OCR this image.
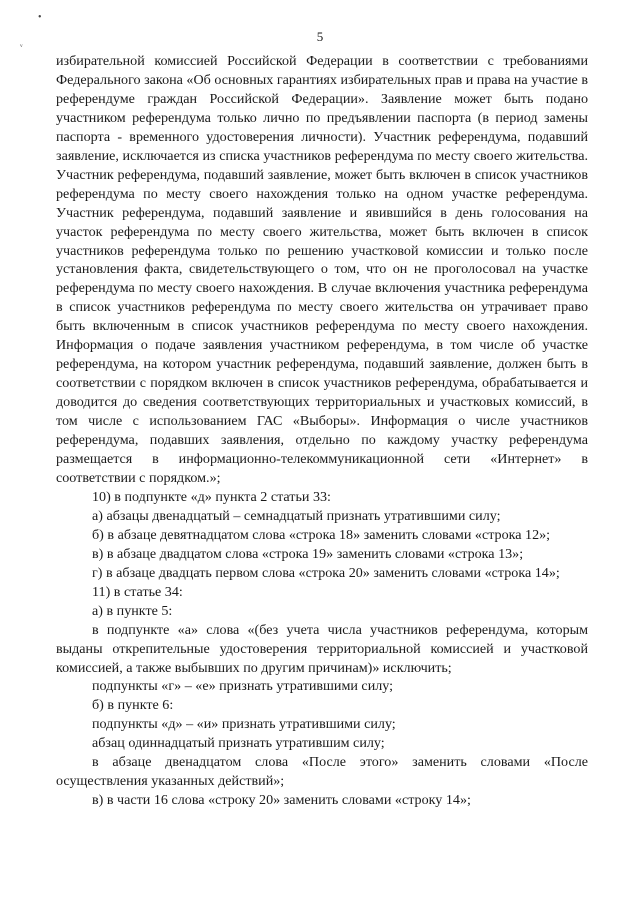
•
ᵥ	5

избирательной комиссией Российской Федерации в соответствии с требованиями Федерального закона «Об основных гарантиях избирательных прав и права на участие в референдуме граждан Российской Федерации». Заявление может быть подано участником референдума только лично по предъявлении паспорта (в период замены паспорта - временного удостоверения личности). Участник референдума, подавший заявление, исключается из списка участников референдума по месту своего жительства. Участник референдума, подавший заявление, может быть включен в список участников референдума по месту своего нахождения только на одном участке референдума. Участник референдума, подавший заявление и явившийся в день голосования на участок референдума по месту своего жительства, может быть включен в список участников референдума только по решению участковой комиссии и только после установления факта, свидетельствующего о том, что он не проголосовал на участке референдума по месту своего нахождения. В случае включения участника референдума в список участников референдума по месту своего жительства он утрачивает право быть включенным в список участников референдума по месту своего нахождения. Информация о подаче заявления участником референдума, в том числе об участке референдума, на котором участник референдума, подавший заявление, должен быть в соответствии с порядком включен в список участников референдума, обрабатывается и доводится до сведения соответствующих территориальных и участковых комиссий, в том числе с использованием ГАС «Выборы». Информация о числе участников референдума, подавших заявления, отдельно по каждому участку референдума размещается в информационно-телекоммуникационной сети «Интернет» в соответствии с порядком.»;

10) в подпункте «д» пункта 2 статьи 33:

а) абзацы двенадцатый – семнадцатый признать утратившими силу;

б) в абзаце девятнадцатом слова «строка 18» заменить словами «строка 12»;

в) в абзаце двадцатом слова «строка 19» заменить словами «строка 13»;

г) в абзаце двадцать первом слова «строка 20» заменить словами «строка 14»;

11) в статье 34:

а) в пункте 5:

в подпункте «а» слова «(без учета числа участников референдума, которым выданы открепительные удостоверения территориальной комиссией и участковой комиссией, а также выбывших по другим причинам)» исключить;

подпункты «г» – «е» признать утратившими силу;

б) в пункте 6:

подпункты «д» – «и» признать утратившими силу;

абзац одиннадцатый признать утратившим силу;

в абзаце двенадцатом слова «После этого» заменить словами «После осуществления указанных действий»;

в) в части 16 слова «строку 20» заменить словами «строку 14»;
